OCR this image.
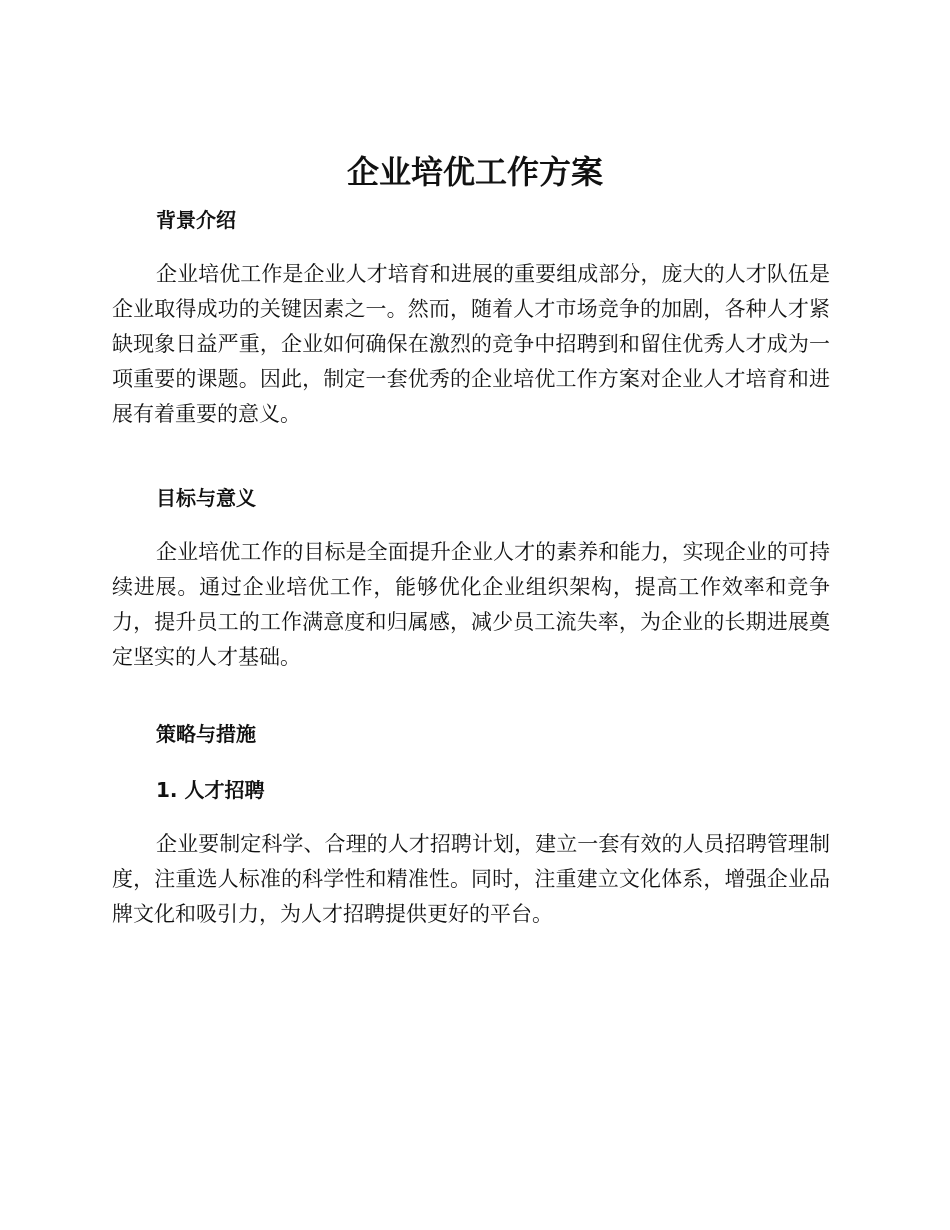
企业培优工作方案
背景介绍
企业培优工作是企业人才培育和进展的重要组成部分，庞大的人才队伍是企业取得成功的关键因素之一。然而，随着人才市场竞争的加剧，各种人才紧缺现象日益严重，企业如何确保在激烈的竞争中招聘到和留住优秀人才成为一项重要的课题。因此，制定一套优秀的企业培优工作方案对企业人才培育和进展有着重要的意义。
目标与意义
企业培优工作的目标是全面提升企业人才的素养和能力，实现企业的可持续进展。通过企业培优工作，能够优化企业组织架构，提高工作效率和竞争力，提升员工的工作满意度和归属感，减少员工流失率，为企业的长期进展奠定坚实的人才基础。
策略与措施
1. 人才招聘
企业要制定科学、合理的人才招聘计划，建立一套有效的人员招聘管理制度，注重选人标准的科学性和精准性。同时，注重建立文化体系，增强企业品牌文化和吸引力，为人才招聘提供更好的平台。
